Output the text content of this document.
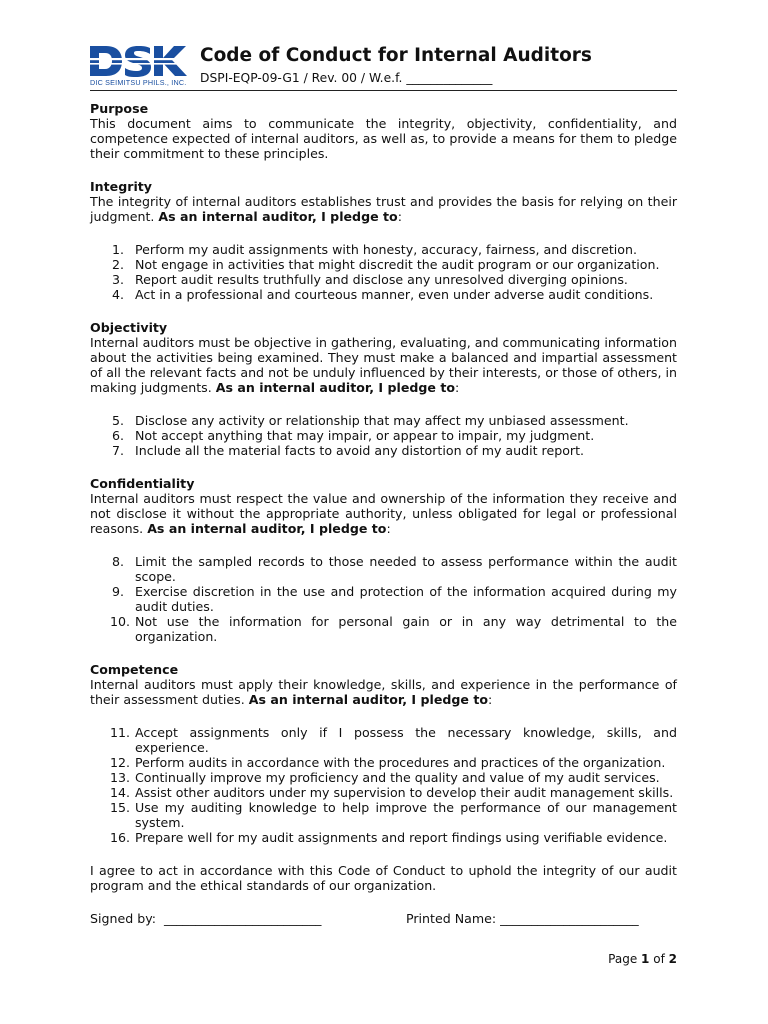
DIC SEIMITSU PHILS., INC.
Code of Conduct for Internal Auditors
DSPI-EQP-09-G1 / Rev. 00 / W.e.f. ______________
Purpose

This document aims to communicate the integrity, objectivity, confidentiality, and competence expected of internal auditors, as well as, to provide a means for them to pledge their commitment to these principles.

Integrity

The integrity of internal auditors establishes trust and provides the basis for relying on their judgment. As an internal auditor, I pledge to:

1. Perform my audit assignments with honesty, accuracy, fairness, and discretion.
2. Not engage in activities that might discredit the audit program or our organization.
3. Report audit results truthfully and disclose any unresolved diverging opinions.
4. Act in a professional and courteous manner, even under adverse audit conditions.
Objectivity

Internal auditors must be objective in gathering, evaluating, and communicating information about the activities being examined. They must make a balanced and impartial assessment of all the relevant facts and not be unduly influenced by their interests, or those of others, in making judgments. As an internal auditor, I pledge to:

5. Disclose any activity or relationship that may affect my unbiased assessment.
6. Not accept anything that may impair, or appear to impair, my judgment.
7. Include all the material facts to avoid any distortion of my audit report.
Confidentiality

Internal auditors must respect the value and ownership of the information they receive and not disclose it without the appropriate authority, unless obligated for legal or professional reasons. As an internal auditor, I pledge to:

8. Limit the sampled records to those needed to assess performance within the audit scope.
9. Exercise discretion in the use and protection of the information acquired during my audit duties.
10. Not use the information for personal gain or in any way detrimental to the organization.
Competence

Internal auditors must apply their knowledge, skills, and experience in the performance of their assessment duties. As an internal auditor, I pledge to:

11. Accept assignments only if I possess the necessary knowledge, skills, and experience.
12. Perform audits in accordance with the procedures and practices of the organization.
13. Continually improve my proficiency and the quality and value of my audit services.
14. Assist other auditors under my supervision to develop their audit management skills.
15. Use my auditing knowledge to help improve the performance of our management system.
16. Prepare well for my audit assignments and report findings using verifiable evidence.

I agree to act in accordance with this Code of Conduct to uphold the integrity of our audit program and the ethical standards of our organization.

Signed by: _________________________	Printed Name: ______________________
Page 1 of 2
